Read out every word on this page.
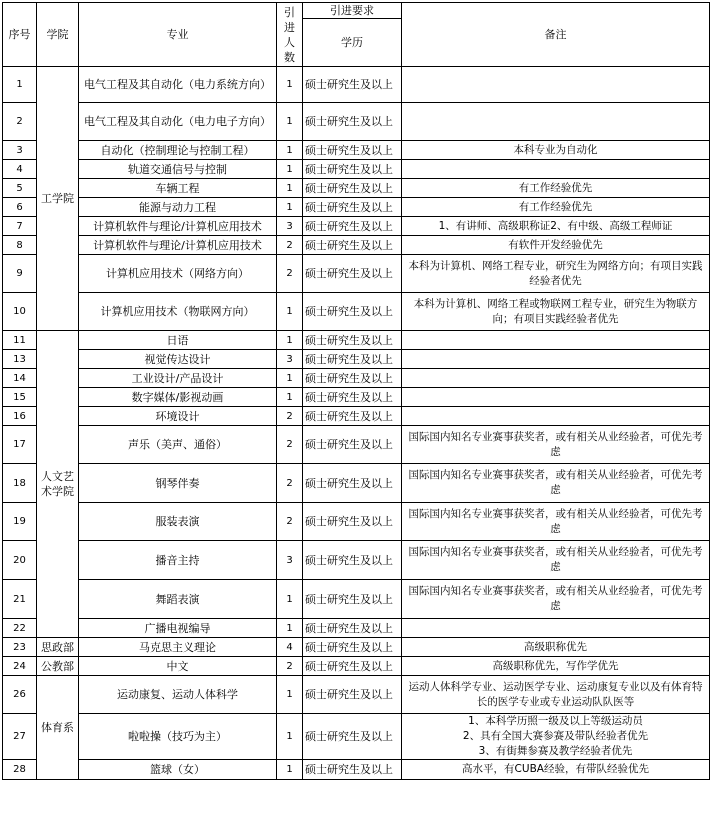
序号	学院	专业	引进人数	引进要求	备注
				学历	
1	工学院	电气工程及其自动化（电力系统方向）	1	硕士研究生及以上	
2		电气工程及其自动化（电力电子方向）	1	硕士研究生及以上	
3		自动化（控制理论与控制工程）	1	硕士研究生及以上	本科专业为自动化
4		轨道交通信号与控制	1	硕士研究生及以上	
5		车辆工程	1	硕士研究生及以上	有工作经验优先
6		能源与动力工程	1	硕士研究生及以上	有工作经验优先
7		计算机软件与理论/计算机应用技术	3	硕士研究生及以上	1、有讲师、高级职称证2、有中级、高级工程师证
8		计算机软件与理论/计算机应用技术	2	硕士研究生及以上	有软件开发经验优先
9		计算机应用技术（网络方向）	2	硕士研究生及以上	本科为计算机、网络工程专业，研究生为网络方向；有项目实践经验者优先
10		计算机应用技术（物联网方向）	1	硕士研究生及以上	本科为计算机、网络工程或物联网工程专业，研究生为物联方向；有项目实践经验者优先
11	人文艺术学院	日语	1	硕士研究生及以上	
13		视觉传达设计	3	硕士研究生及以上	
14		工业设计/产品设计	1	硕士研究生及以上	
15		数字媒体/影视动画	1	硕士研究生及以上	
16		环境设计	2	硕士研究生及以上	
17		声乐（美声、通俗）	2	硕士研究生及以上	国际国内知名专业赛事获奖者，或有相关从业经验者，可优先考虑
18		钢琴伴奏	2	硕士研究生及以上	国际国内知名专业赛事获奖者，或有相关从业经验者，可优先考虑
19		服装表演	2	硕士研究生及以上	国际国内知名专业赛事获奖者，或有相关从业经验者，可优先考虑
20		播音主持	3	硕士研究生及以上	国际国内知名专业赛事获奖者，或有相关从业经验者，可优先考虑
21		舞蹈表演	1	硕士研究生及以上	国际国内知名专业赛事获奖者，或有相关从业经验者，可优先考虑
22		广播电视编导	1	硕士研究生及以上	
23	思政部	马克思主义理论	4	硕士研究生及以上	高级职称优先
24	公教部	中文	2	硕士研究生及以上	高级职称优先，写作学优先
26	体育系	运动康复、运动人体科学	1	硕士研究生及以上	运动人体科学专业、运动医学专业、运动康复专业以及有体育特长的医学专业或专业运动队队医等
27		啦啦操（技巧为主）	1	硕士研究生及以上	1、本科学历照一级及以上等级运动员
2、具有全国大赛参赛及带队经验者优先
3、有街舞参赛及教学经验者优先

28		篮球（女）	1	硕士研究生及以上	高水平，有CUBA经验，有带队经验优先
